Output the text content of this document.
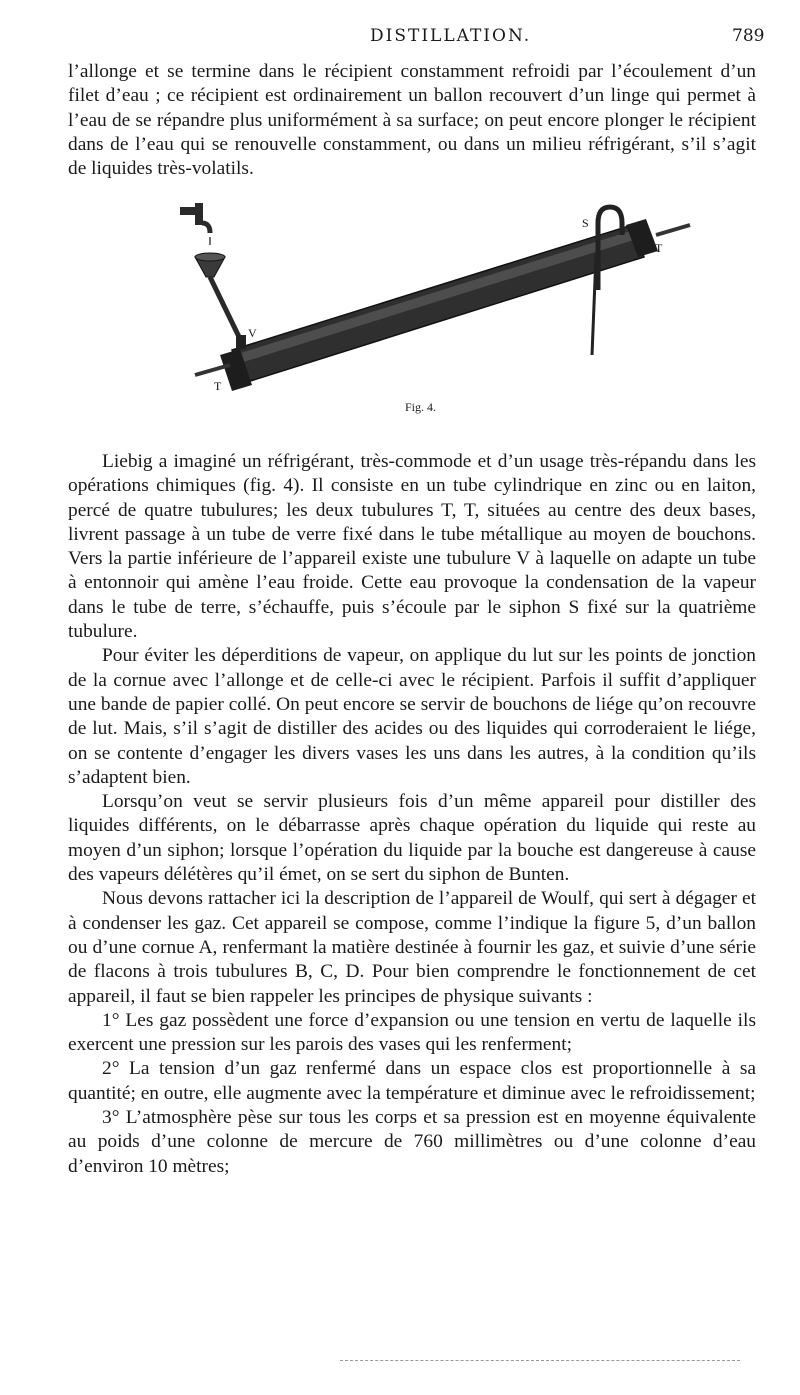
DISTILLATION.	789

l’allonge et se termine dans le récipient constamment refroidi par l’écoulement d’un filet d’eau ; ce récipient est ordinairement un ballon recouvert d’un linge qui permet à l’eau de se répandre plus uniformément à sa surface; on peut encore plonger le récipient dans de l’eau qui se renouvelle constamment, ou dans un milieu réfrigérant, s’il s’agit de liquides très-volatils.

S
T
T
V
Fig. 4.

Liebig a imaginé un réfrigérant, très-commode et d’un usage très-répandu dans les opérations chimiques (fig. 4). Il consiste en un tube cylindrique en zinc ou en laiton, percé de quatre tubulures; les deux tubulures T, T, situées au centre des deux bases, livrent passage à un tube de verre fixé dans le tube métallique au moyen de bouchons. Vers la partie inférieure de l’appareil existe une tubulure V à laquelle on adapte un tube à entonnoir qui amène l’eau froide. Cette eau provoque la condensation de la vapeur dans le tube de terre, s’échauffe, puis s’écoule par le siphon S fixé sur la quatrième tubulure.

Pour éviter les déperditions de vapeur, on applique du lut sur les points de jonction de la cornue avec l’allonge et de celle-ci avec le récipient. Parfois il suffit d’appliquer une bande de papier collé. On peut encore se servir de bouchons de liége qu’on recouvre de lut. Mais, s’il s’agit de distiller des acides ou des liquides qui corroderaient le liége, on se contente d’engager les divers vases les uns dans les autres, à la condition qu’ils s’adaptent bien.

Lorsqu’on veut se servir plusieurs fois d’un même appareil pour distiller des liquides différents, on le débarrasse après chaque opération du liquide qui reste au moyen d’un siphon; lorsque l’opération du liquide par la bouche est dangereuse à cause des vapeurs délétères qu’il émet, on se sert du siphon de Bunten.

Nous devons rattacher ici la description de l’appareil de Woulf, qui sert à dégager et à condenser les gaz. Cet appareil se compose, comme l’indique la figure 5, d’un ballon ou d’une cornue A, renfermant la matière destinée à fournir les gaz, et suivie d’une série de flacons à trois tubulures B, C, D. Pour bien comprendre le fonctionnement de cet appareil, il faut se bien rappeler les principes de physique suivants :

1° Les gaz possèdent une force d’expansion ou une tension en vertu de laquelle ils exercent une pression sur les parois des vases qui les renferment;

2° La tension d’un gaz renfermé dans un espace clos est proportionnelle à sa quantité; en outre, elle augmente avec la température et diminue avec le refroidissement;

3° L’atmosphère pèse sur tous les corps et sa pression est en moyenne équivalente au poids d’une colonne de mercure de 760 millimètres ou d’une colonne d’eau d’environ 10 mètres;
